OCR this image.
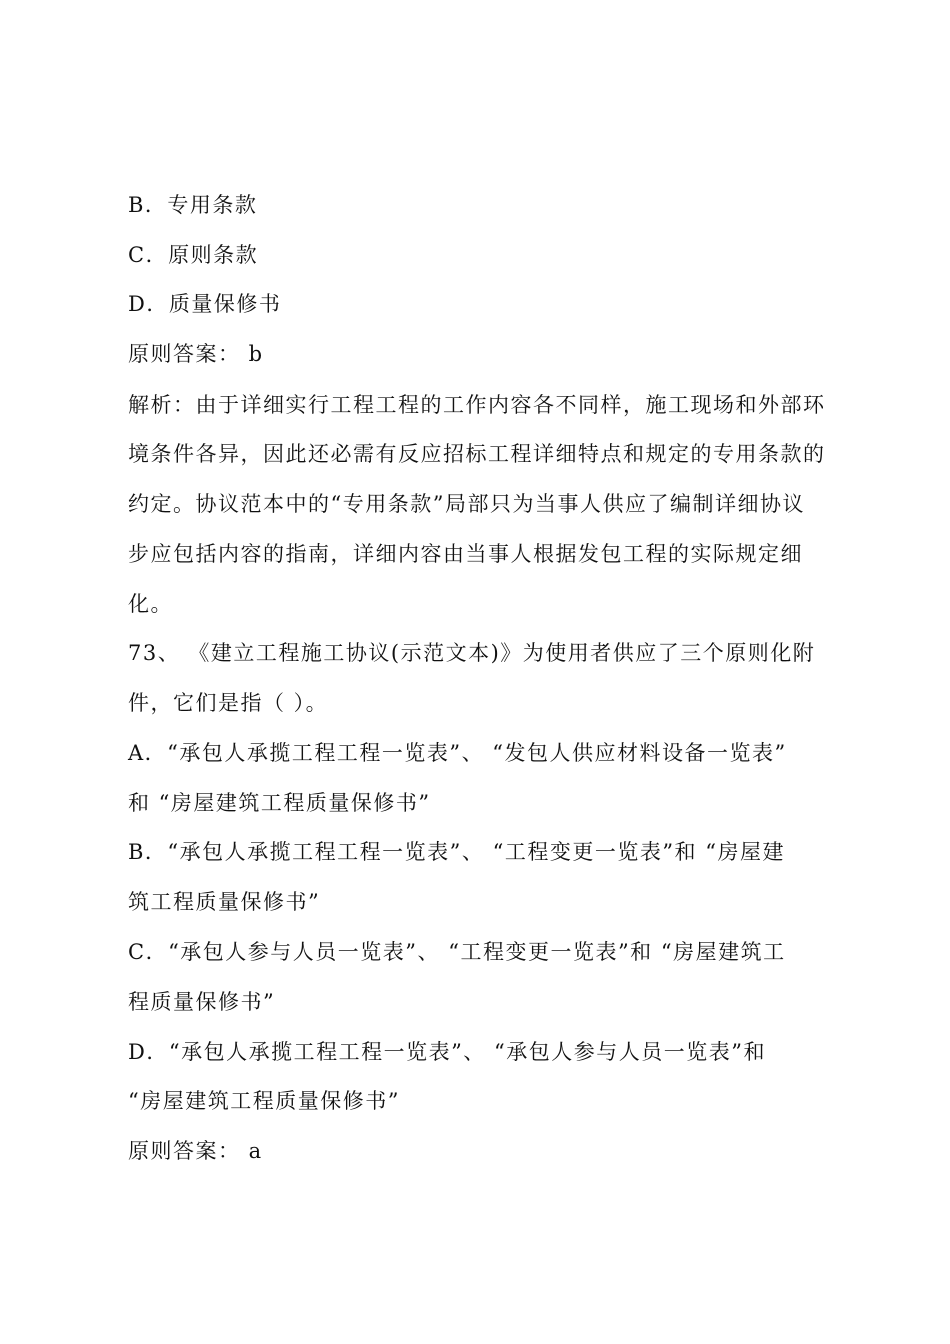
B．专用条款
C．原则条款
D．质量保修书
原则答案： b
解析：由于详细实行工程工程的工作内容各不同样，施工现场和外部环
境条件各异，因此还必需有反应招标工程详细特点和规定的专用条款的
约定。协议范本中的“专用条款”局部只为当事人供应了编制详细协议
步应包括内容的指南，详细内容由当事人根据发包工程的实际规定细
化。
73、 《建立工程施工协议(示范文本)》为使用者供应了三个原则化附
件，它们是指（ ）。
A．“承包人承揽工程工程一览表”、 “发包人供应材料设备一览表”
和 “房屋建筑工程质量保修书”
B．“承包人承揽工程工程一览表”、 “工程变更一览表”和 “房屋建
筑工程质量保修书”
C．“承包人参与人员一览表”、 “工程变更一览表”和 “房屋建筑工
程质量保修书”
D．“承包人承揽工程工程一览表”、 “承包人参与人员一览表”和
“房屋建筑工程质量保修书”
原则答案： a
